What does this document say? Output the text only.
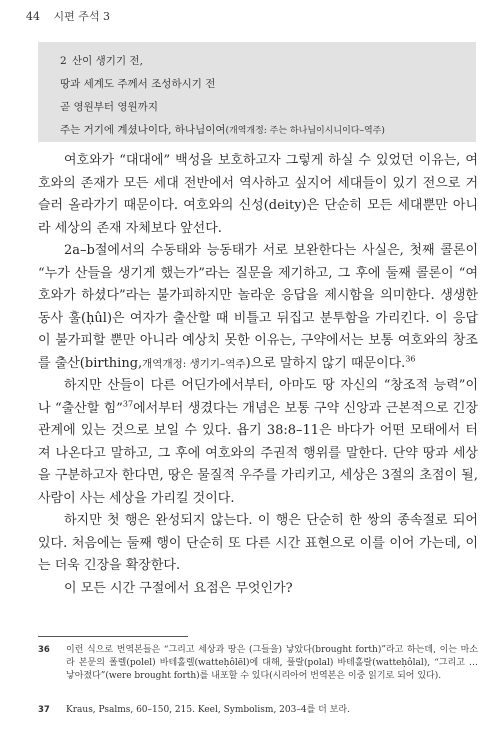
44 시편 주석 3
2 산이 생기기 전,
땅과 세계도 주께서 조성하시기 전
곧 영원부터 영원까지
주는 거기에 계셨나이다, 하나님이여(개역개정: 주는 하나님이시니이다–역주)

여호와가 “대대에” 백성을 보호하고자 그렇게 하실 수 있었던 이유는, 여호와의 존재가 모든 세대 전반에서 역사하고 싶지어 세대들이 있기 전으로 거슬러 올라가기 때문이다. 여호와의 신성(deity)은 단순히 모든 세대뿐만 아니라 세상의 존재 자체보다 앞선다.

2a–b절에서의 수동태와 능동태가 서로 보완한다는 사실은, 첫째 콜론이 “누가 산들을 생기게 했는가”라는 질문을 제기하고, 그 후에 둘째 콜론이 “여호와가 하셨다”라는 불가피하지만 놀라운 응답을 제시함을 의미한다. 생생한 동사 훌(ḥûl)은 여자가 출산할 때 비틀고 뒤집고 분투함을 가리킨다. 이 응답이 불가피할 뿐만 아니라 예상치 못한 이유는, 구약에서는 보통 여호와의 창조를 출산(birthing,개역개정: 생기기–역주)으로 말하지 않기 때문이다.$^{36}$

하지만 산들이 다른 어딘가에서부터, 아마도 땅 자신의 “창조적 능력”이나 “출산할 힘”$^{37}$에서부터 생겼다는 개념은 보통 구약 신앙과 근본적으로 긴장 관계에 있는 것으로 보일 수 있다. 욥기 38:8–11은 바다가 어떤 모태에서 터져 나온다고 말하고, 그 후에 여호와의 주권적 행위를 말한다. 단약 땅과 세상을 구분하고자 한다면, 땅은 물질적 우주를 가리키고, 세상은 3절의 초점이 될, 사람이 사는 세상을 가리킬 것이다.

하지만 첫 행은 완성되지 않는다. 이 행은 단순히 한 쌍의 종속절로 되어 있다. 처음에는 둘째 행이 단순히 또 다른 시간 표현으로 이를 이어 가는데, 이는 더욱 긴장을 확장한다.

이 모든 시간 구절에서 요점은 무엇인가?

36	이런 식으로 번역본들은 “그리고 세상과 땅은 (그들을) 낳았다(brought forth)”라고 하는데, 이는 마소라 본문의 폴렐(polel) 바테홀렐(watteḥôlēl)에 대해, 풀랄(polal) 바테홀랄(watteḥôlal), “그리고 … 낳아졌다”(were brought forth)를 내포할 수 있다(시리아어 번역본은 이중 읽기로 되어 있다).
37	Kraus, Psalms, 60–150, 215. Keel, Symbolism, 203–4를 더 보라.
